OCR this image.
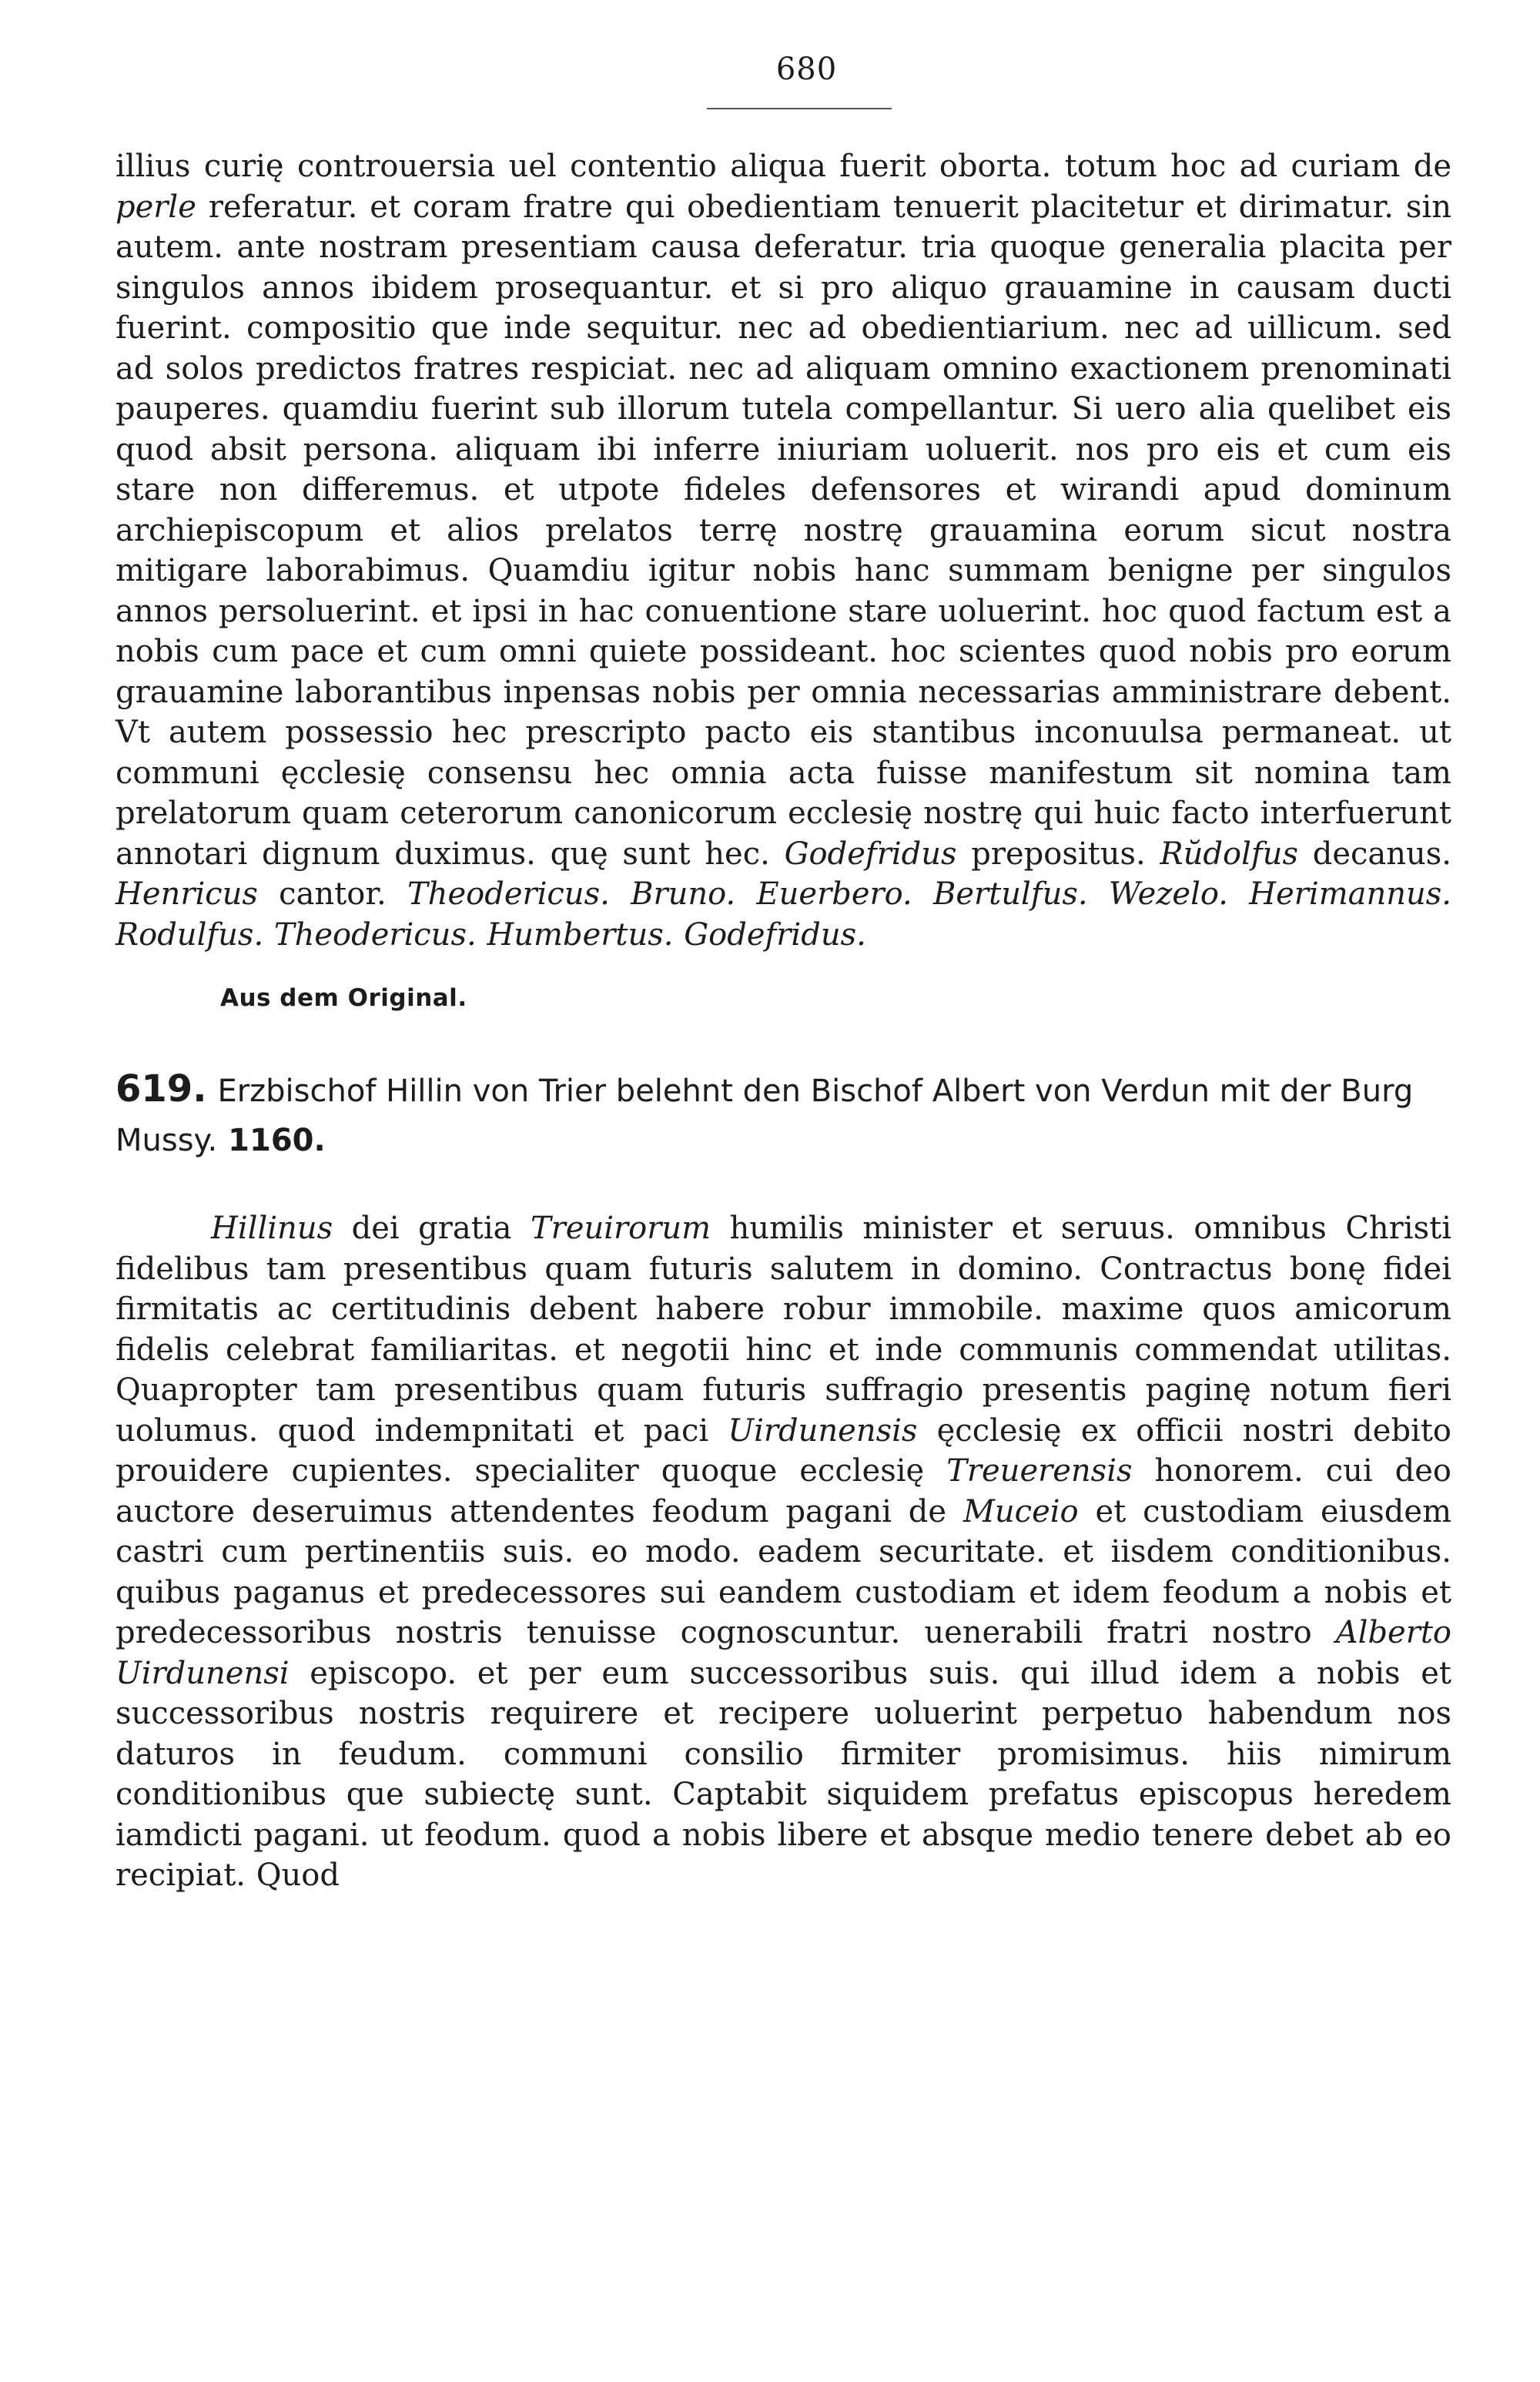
680

illius curię controuersia uel contentio aliqua fuerit oborta. totum hoc ad curiam de perle referatur. et coram fratre qui obedientiam tenuerit placitetur et dirimatur. sin autem. ante nostram presentiam causa deferatur. tria quoque generalia placita per singulos annos ibidem prosequantur. et si pro aliquo grauamine in causam ducti fuerint. compositio que inde sequitur. nec ad obedientiarium. nec ad uillicum. sed ad solos predictos fratres respiciat. nec ad aliquam omnino exactionem prenominati pauperes. quamdiu fuerint sub illorum tutela compellantur. Si uero alia quelibet eis quod absit persona. aliquam ibi inferre iniuriam uoluerit. nos pro eis et cum eis stare non differemus. et utpote fideles defensores et wirandi apud dominum archiepiscopum et alios prelatos terrę nostrę grauamina eorum sicut nostra mitigare laborabimus. Quamdiu igitur nobis hanc summam benigne per singulos annos persoluerint. et ipsi in hac conuentione stare uoluerint. hoc quod factum est a nobis cum pace et cum omni quiete possideant. hoc scientes quod nobis pro eorum grauamine laborantibus inpensas nobis per omnia necessarias amministrare debent. Vt autem possessio hec prescripto pacto eis stantibus inconuulsa permaneat. ut communi ęcclesię consensu hec omnia acta fuisse manifestum sit nomina tam prelatorum quam ceterorum canonicorum ecclesię nostrę qui huic facto interfuerunt annotari dignum duximus. quę sunt hec. Godefridus prepositus. Rŭdolfus decanus. Henricus cantor. Theodericus. Bruno. Euerbero. Bertulfus. Wezelo. Herimannus. Rodulfus. Theodericus. Humbertus. Godefridus.

Aus dem Original.
619. Erzbischof Hillin von Trier belehnt den Bischof Albert von Verdun mit der Burg Mussy. 1160.

Hillinus dei gratia Treuirorum humilis minister et seruus. omnibus Christi fidelibus tam presentibus quam futuris salutem in domino. Contractus bonę fidei firmitatis ac certitudinis debent habere robur immobile. maxime quos amicorum fidelis celebrat familiaritas. et negotii hinc et inde communis commendat utilitas. Quapropter tam presentibus quam futuris suffragio presentis paginę notum fieri uolumus. quod indempnitati et paci Uirdunensis ęcclesię ex officii nostri debito prouidere cupientes. specialiter quoque ecclesię Treuerensis honorem. cui deo auctore deseruimus attendentes feodum pagani de Muceio et custodiam eiusdem castri cum pertinentiis suis. eo modo. eadem securitate. et iisdem conditionibus. quibus paganus et predecessores sui eandem custodiam et idem feodum a nobis et predecessoribus nostris tenuisse cognoscuntur. uenerabili fratri nostro Alberto Uirdunensi episcopo. et per eum successoribus suis. qui illud idem a nobis et successoribus nostris requirere et recipere uoluerint perpetuo habendum nos daturos in feudum. communi consilio firmiter promisimus. hiis nimirum conditionibus que subiectę sunt. Captabit siquidem prefatus episcopus heredem iamdicti pagani. ut feodum. quod a nobis libere et absque medio tenere debet ab eo recipiat. Quod
